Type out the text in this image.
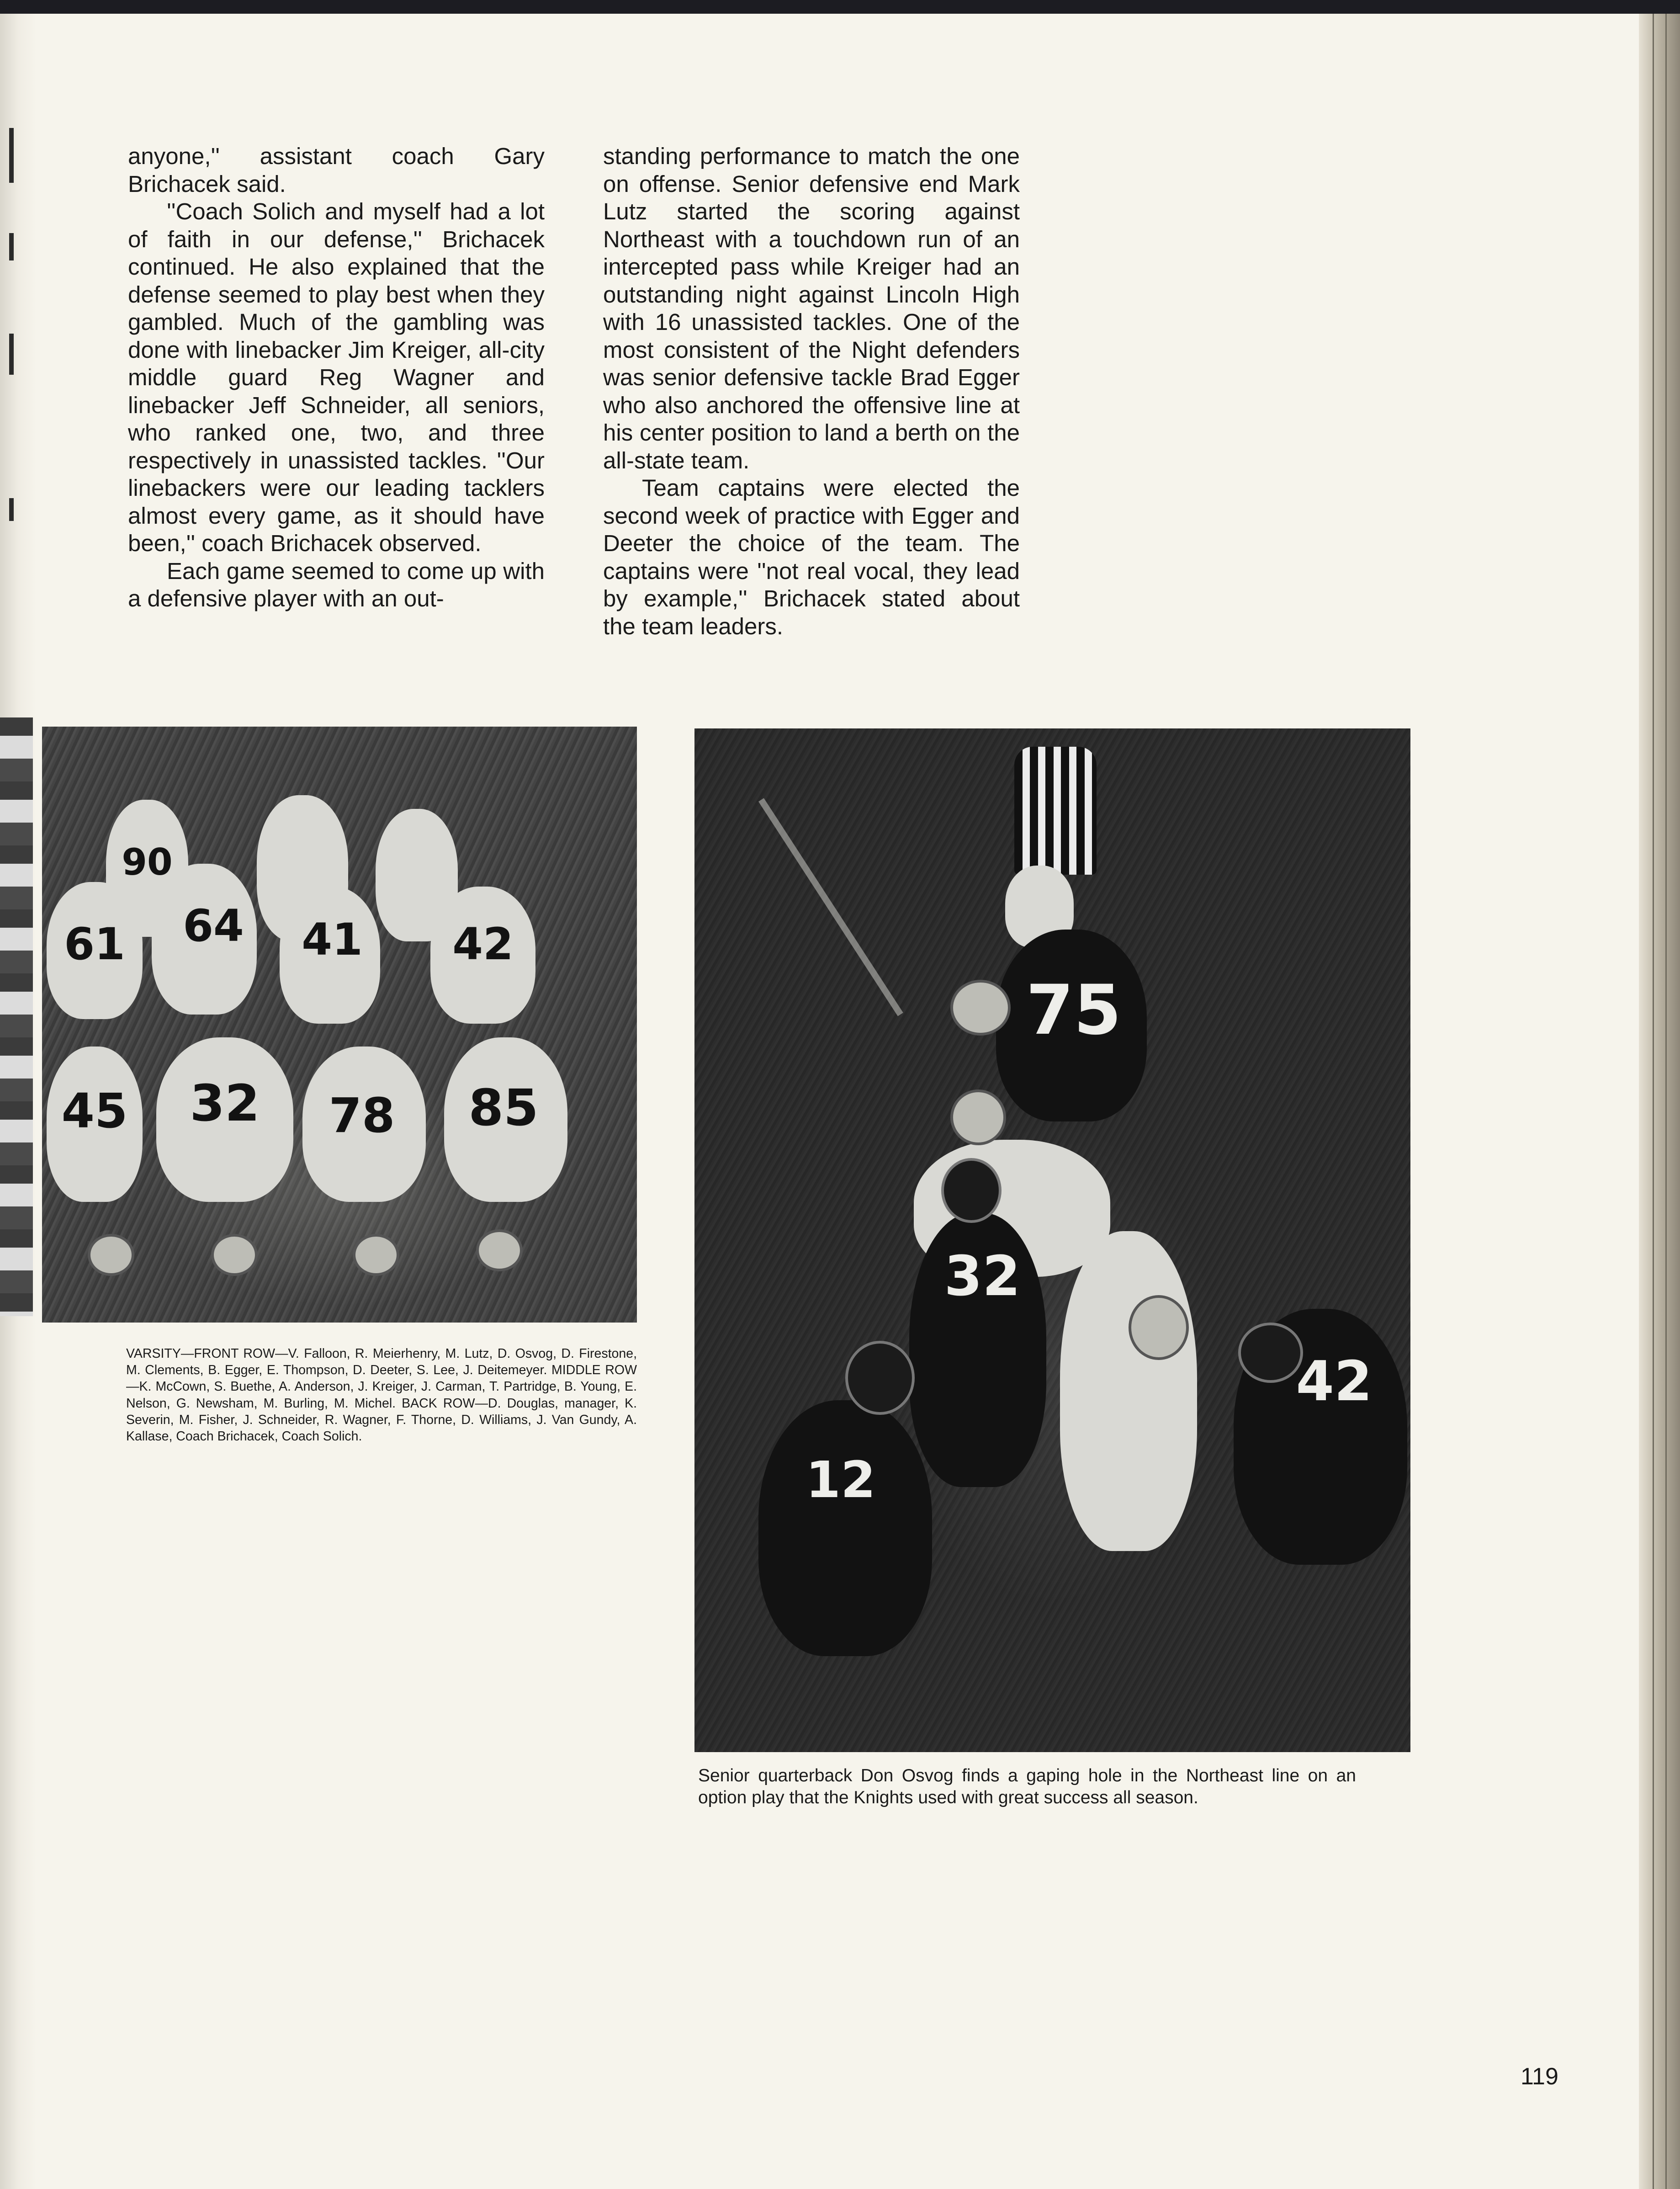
anyone,'' assistant coach Gary Brichacek said.

''Coach Solich and myself had a lot of faith in our defense,'' Brichacek continued. He also explained that the defense seemed to play best when they gambled. Much of the gambling was done with linebacker Jim Kreiger, all-city middle guard Reg Wagner and linebacker Jeff Schneider, all seniors, who ranked one, two, and three respectively in unassisted tackles. ''Our linebackers were our leading tacklers almost every game, as it should have been,'' coach Brichacek observed.

Each game seemed to come up with a defensive player with an out-

standing performance to match the one on offense. Senior defensive end Mark Lutz started the scoring against Northeast with a touchdown run of an intercepted pass while Kreiger had an outstanding night against Lincoln High with 16 unassisted tackles. One of the most consistent of the Night defenders was senior defensive tackle Brad Egger who also anchored the offensive line at his center position to land a berth on the all-state team.

Team captains were elected the second week of practice with Egger and Deeter the choice of the team. The captains were ''not real vocal, they lead by example,'' Brichacek stated about the team leaders.

90
61 64 41 42
45 32 78 85
75
32
12
42
VARSITY—FRONT ROW—V. Falloon, R. Meierhenry, M. Lutz, D. Osvog, D. Firestone, M. Clements, B. Egger, E. Thompson, D. Deeter, S. Lee, J. Deitemeyer. MIDDLE ROW—K. McCown, S. Buethe, A. Anderson, J. Kreiger, J. Carman, T. Partridge, B. Young, E. Nelson, G. Newsham, M. Burling, M. Michel. BACK ROW—D. Douglas, manager, K. Severin, M. Fisher, J. Schneider, R. Wagner, F. Thorne, D. Williams, J. Van Gundy, A. Kallase, Coach Brichacek, Coach Solich.
Senior quarterback Don Osvog finds a gaping hole in the Northeast line on an option play that the Knights used with great success all season.
119
